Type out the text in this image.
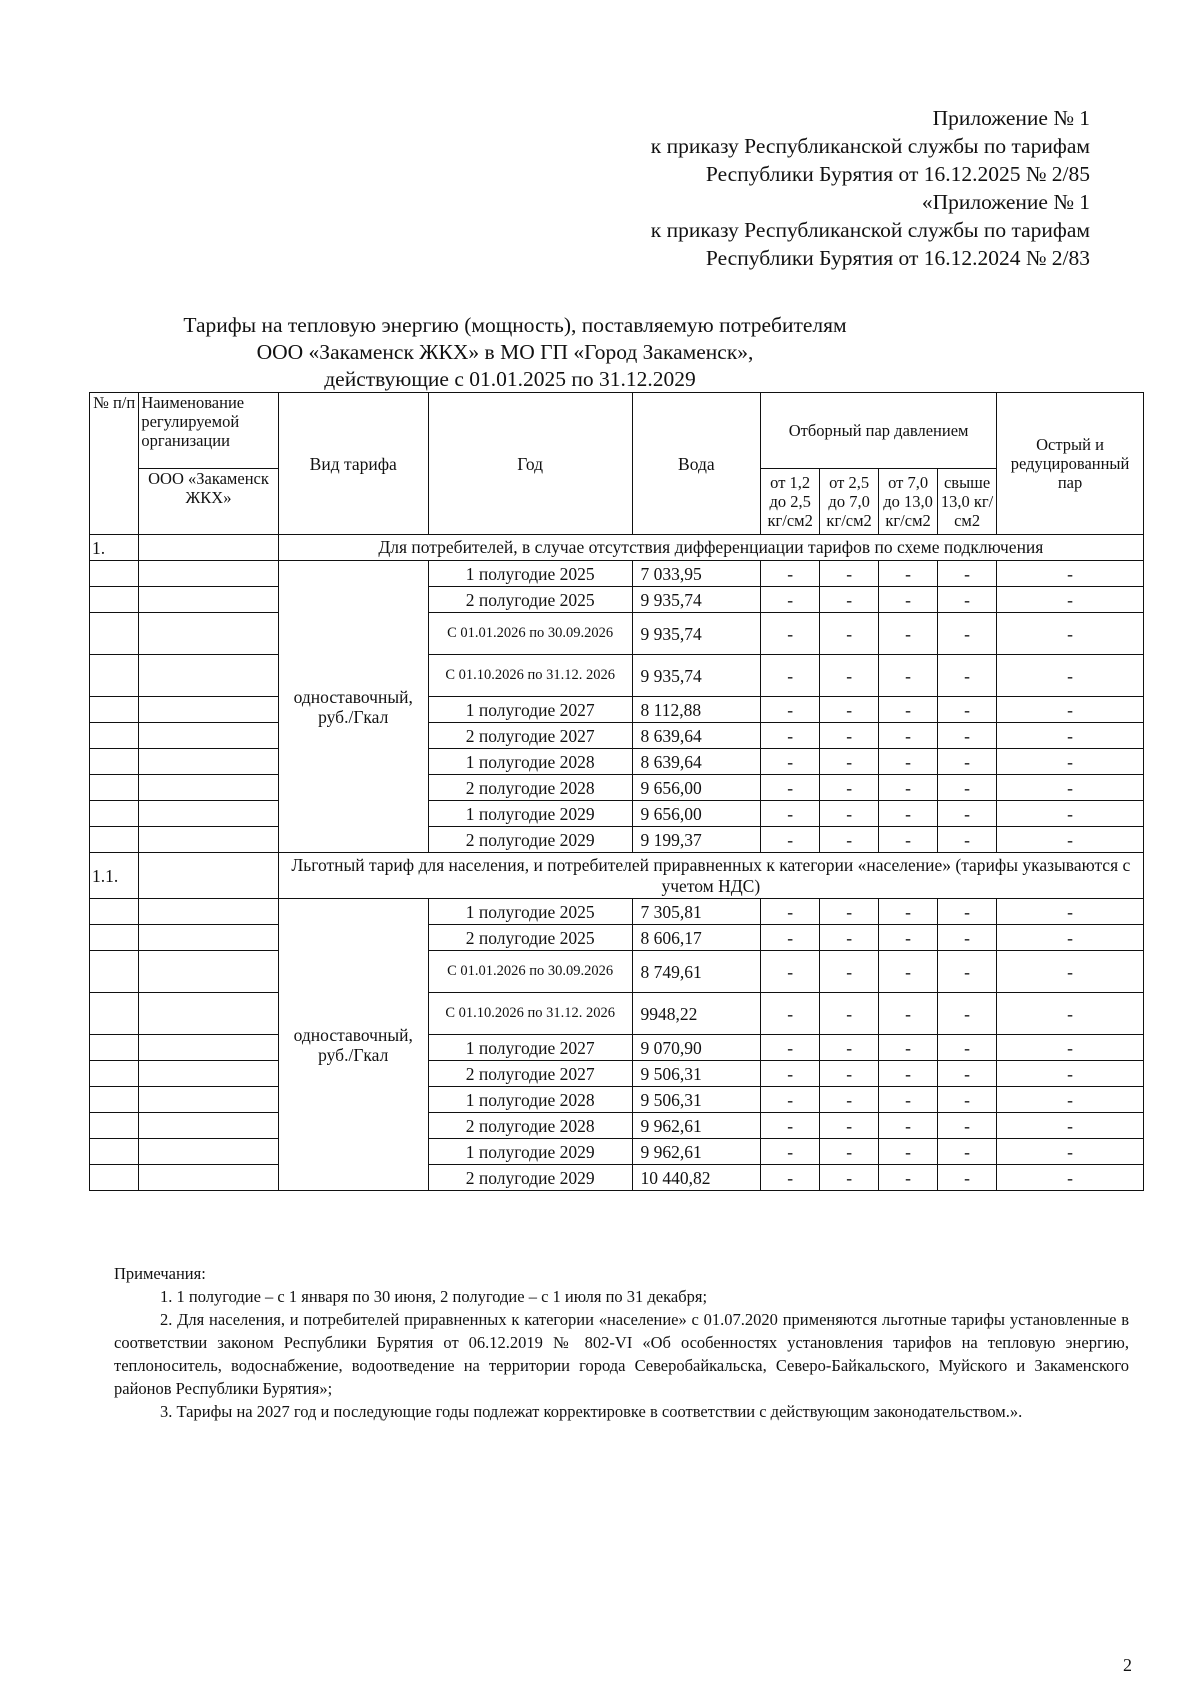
Приложение № 1
к приказу Республиканской службы по тарифам
Республики Бурятия от 16.12.2025 № 2/85
«Приложение № 1
к приказу Республиканской службы по тарифам
Республики Бурятия от 16.12.2024 № 2/83
Тарифы на тепловую энергию (мощность), поставляемую потребителям
ООО «Закаменск ЖКХ» в МО ГП «Город Закаменск»,
действующие с 01.01.2025 по 31.12.2029
№ п/п	Наименование регулируемой организации	Вид тарифа	Год	Вода	Отборный пар давлением				Острый и редуцированный пар
	ООО «Закаменск ЖКХ»				от 1,2 до 2,5 кг/см2	от 2,5 до 7,0 кг/см2	от 7,0 до 13,0 кг/см2	свыше 13,0 кг/см2	
1.		Для потребителей, в случае отсутствия дифференциации тарифов по схеме подключения							
		одноставочный, руб./Гкал	1 полугодие 2025	7 033,95	-	-	-	-	-
			2 полугодие 2025	9 935,74	-	-	-	-	-
			С 01.01.2026 по 30.09.2026	9 935,74	-	-	-	-	-
			С 01.10.2026 по 31.12. 2026	9 935,74	-	-	-	-	-
			1 полугодие 2027	8 112,88	-	-	-	-	-
			2 полугодие 2027	8 639,64	-	-	-	-	-
			1 полугодие 2028	8 639,64	-	-	-	-	-
			2 полугодие 2028	9 656,00	-	-	-	-	-
			1 полугодие 2029	9 656,00	-	-	-	-	-
			2 полугодие 2029	9 199,37	-	-	-	-	-
1.1.		Льготный тариф для населения, и потребителей приравненных к категории «население» (тарифы указываются с учетом НДС)							
		одноставочный, руб./Гкал	1 полугодие 2025	7 305,81	-	-	-	-	-
			2 полугодие 2025	8 606,17	-	-	-	-	-
			С 01.01.2026 по 30.09.2026	8 749,61	-	-	-	-	-
			С 01.10.2026 по 31.12. 2026	9948,22	-	-	-	-	-
			1 полугодие 2027	9 070,90	-	-	-	-	-
			2 полугодие 2027	9 506,31	-	-	-	-	-
			1 полугодие 2028	9 506,31	-	-	-	-	-
			2 полугодие 2028	9 962,61	-	-	-	-	-
			1 полугодие 2029	9 962,61	-	-	-	-	-
			2 полугодие 2029	10 440,82	-	-	-	-	-
Примечания:
1. 1 полугодие – с 1 января по 30 июня, 2 полугодие – с 1 июля по 31 декабря;
2. Для населения, и потребителей приравненных к категории «население» с 01.07.2020 применяются льготные тарифы установленные в соответствии законом Республики Бурятия от 06.12.2019 № 802-VI «Об особенностях установления тарифов на тепловую энергию, теплоноситель, водоснабжение, водоотведение на территории города Северобайкальска, Северо-Байкальского, Муйского и Закаменского районов Республики Бурятия»;
3. Тарифы на 2027 год и последующие годы подлежат корректировке в соответствии с действующим законодательством.».
2
